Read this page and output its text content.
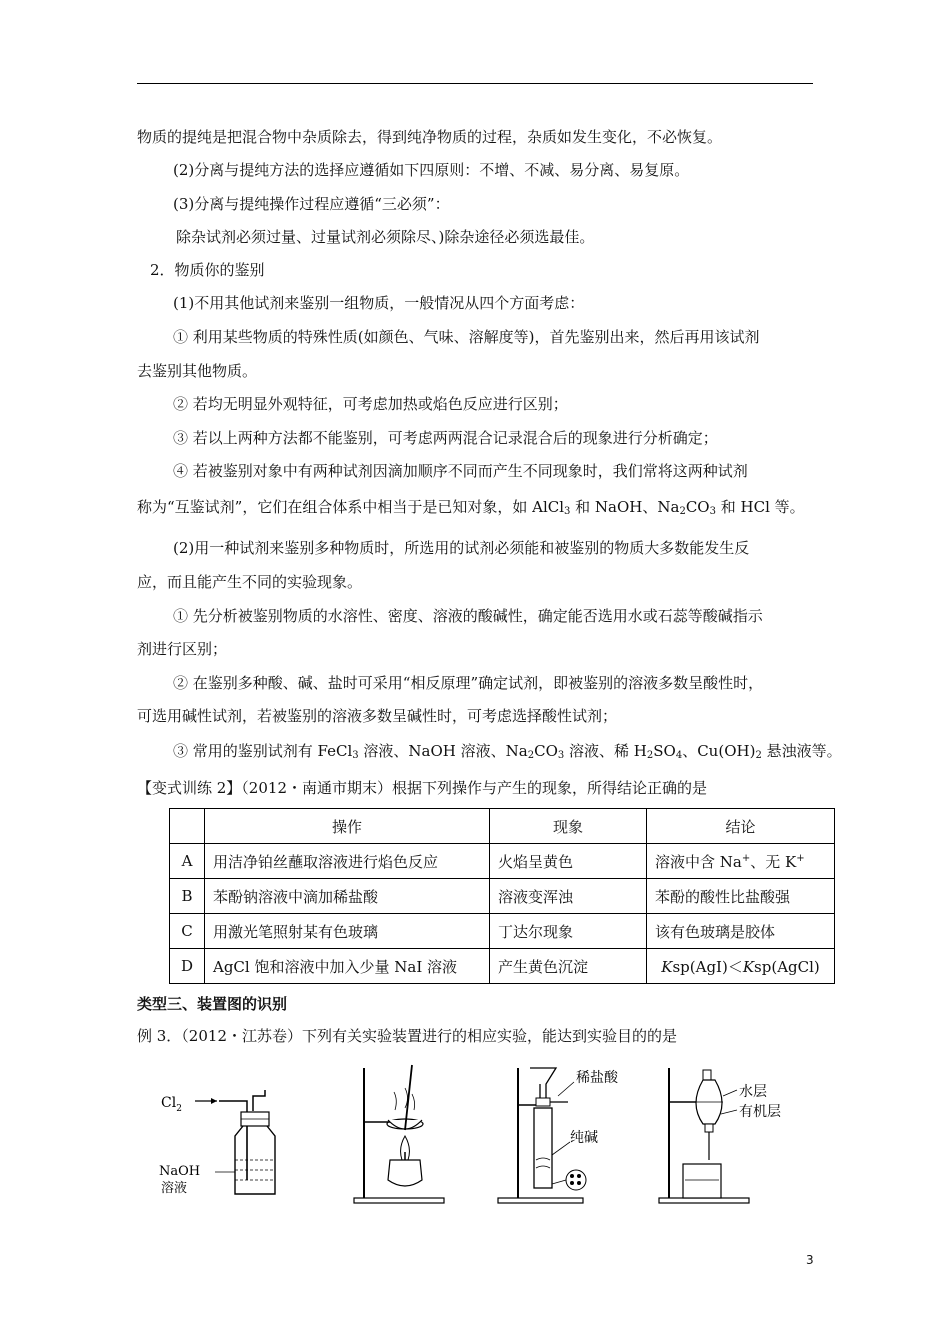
物质的提纯是把混合物中杂质除去，得到纯净物质的过程，杂质如发生变化，不必恢复。
(2)分离与提纯方法的选择应遵循如下四原则：不增、不减、易分离、易复原。
(3)分离与提纯操作过程应遵循“三必须”：
除杂试剂必须过量、过量试剂必须除尽、)除杂途径必须选最佳。
2．物质你的鉴别
(1)不用其他试剂来鉴别一组物质，一般情况从四个方面考虑：
① 利用某些物质的特殊性质(如颜色、气味、溶解度等)，首先鉴别出来，然后再用该试剂
去鉴别其他物质。
② 若均无明显外观特征，可考虑加热或焰色反应进行区别；
③ 若以上两种方法都不能鉴别，可考虑两两混合记录混合后的现象进行分析确定；
④ 若被鉴别对象中有两种试剂因滴加顺序不同而产生不同现象时，我们常将这两种试剂
称为“互鉴试剂”，它们在组合体系中相当于是已知对象，如 AlCl$_3$ 和 NaOH、$Na_2CO_3$ 和 HCl 等。
(2)用一种试剂来鉴别多种物质时，所选用的试剂必须能和被鉴别的物质大多数能发生反
应，而且能产生不同的实验现象。
① 先分析被鉴别物质的水溶性、密度、溶液的酸碱性，确定能否选用水或石蕊等酸碱指示
剂进行区别；
② 在鉴别多种酸、碱、盐时可采用“相反原理”确定试剂，即被鉴别的溶液多数呈酸性时，
可选用碱性试剂，若被鉴别的溶液多数呈碱性时，可考虑选择酸性试剂；
③ 常用的鉴别试剂有 FeCl$_3$ 溶液、NaOH 溶液、$Na_2CO_3$ 溶液、稀 $H_2SO_4$、$Cu(OH)_2$ 悬浊液等。
【变式训练 2】（2012・南通市期末）根据下列操作与产生的现象，所得结论正确的是
	操作	现象	结论
A	用洁净铂丝蘸取溶液进行焰色反应	火焰呈黄色	溶液中含 Na+、无 K+
B	苯酚钠溶液中滴加稀盐酸	溶液变浑浊	苯酚的酸性比盐酸强
C	用激光笔照射某有色玻璃	丁达尔现象	该有色玻璃是胶体
D	AgCl 饱和溶液中加入少量 NaI 溶液	产生黄色沉淀	Ksp(AgI)＜Ksp(AgCl)
类型三、装置图的识别
例 3．（2012・江苏卷）下列有关实验装置进行的相应实验，能达到实验目的的是
$Cl_2$
NaOH
溶液
稀盐酸
纯碱
水层
有机层
3
